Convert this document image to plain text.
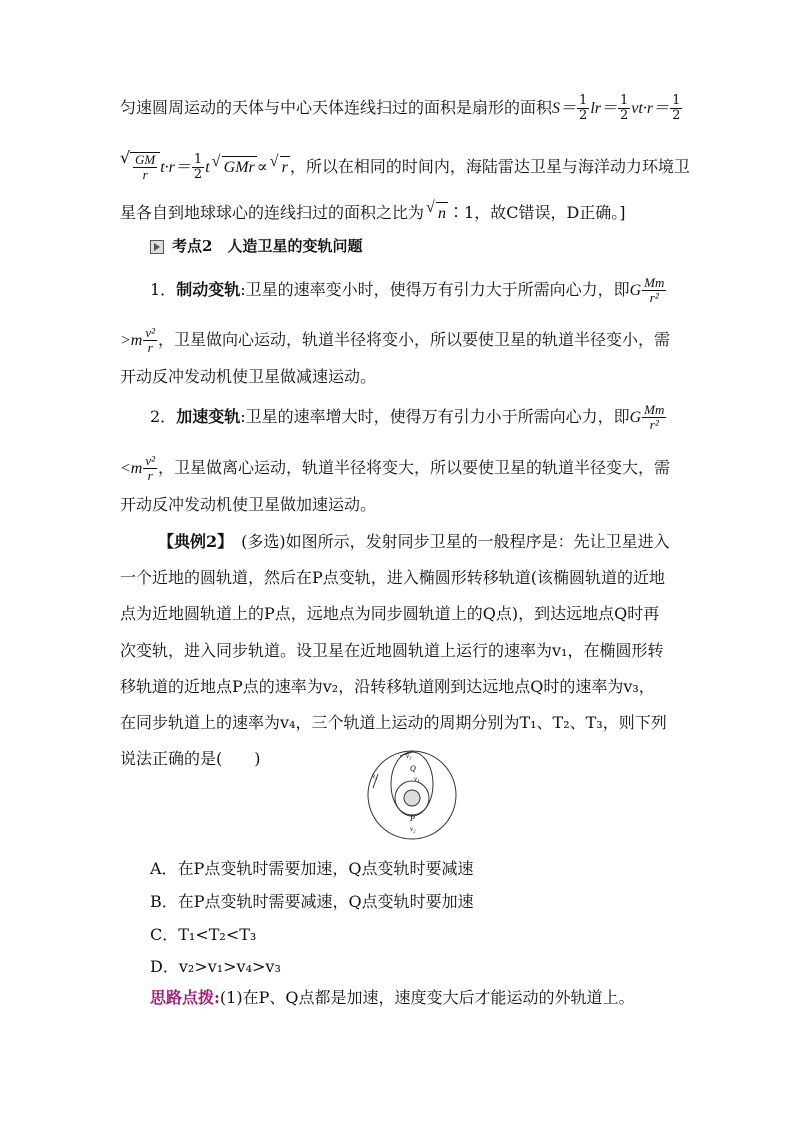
匀速圆周运动的天体与中心天体连线扫过的面积是扇形的面积$S= \frac{1}{2} lr= \frac{1}{2} vt\cdot r= \frac{1}{2}$
√ $\frac{GM}{r} t\cdot r= \frac{1}{2} t√$ GMr ∝√ r ，所以在相同的时间内，海陆雷达卫星与海洋动力环境卫
星各自到地球球心的连线扫过的面积之比为√ n ∶1，故C错误，D正确。]
考点2　人造卫星的变轨问题
1．制动变轨:卫星的速率变小时，使得万有引力大于所需向心力，即G $\frac{Mm}{\text{r²}}$
$>m \frac{\text{v²}}{r}$ ，卫星做向心运动，轨道半径将变小，所以要使卫星的轨道半径变小，需
开动反冲发动机使卫星做减速运动。
2．加速变轨:卫星的速率增大时，使得万有引力小于所需向心力，即G $\frac{Mm}{\text{r²}}$
$<m \frac{\text{v²}}{r}$ ，卫星做离心运动，轨道半径将变大，所以要使卫星的轨道半径变大，需
开动反冲发动机使卫星做加速运动。
【典例2】　(多选)如图所示，发射同步卫星的一般程序是：先让卫星进入
一个近地的圆轨道，然后在P点变轨，进入椭圆形转移轨道(该椭圆轨道的近地
点为近地圆轨道上的P点，远地点为同步圆轨道上的Q点)，到达远地点Q时再
次变轨，进入同步轨道。设卫星在近地圆轨道上运行的速率为v₁，在椭圆形转
移轨道的近地点P点的速率为v₂，沿转移轨道刚到达远地点Q时的速率为v₃，
在同步轨道上的速率为v₄，三个轨道上运动的周期分别为T₁、T₂、T₃，则下列
说法正确的是(　　)	v₃
v₄
Q
v₁
P
v₂
A．在P点变轨时需要加速，Q点变轨时要减速
B．在P点变轨时需要减速，Q点变轨时要加速
C．T₁<T₂<T₃
D．v₂>v₁>v₄>v₃
思路点拨:(1)在P、Q点都是加速，速度变大后才能运动的外轨道上。
